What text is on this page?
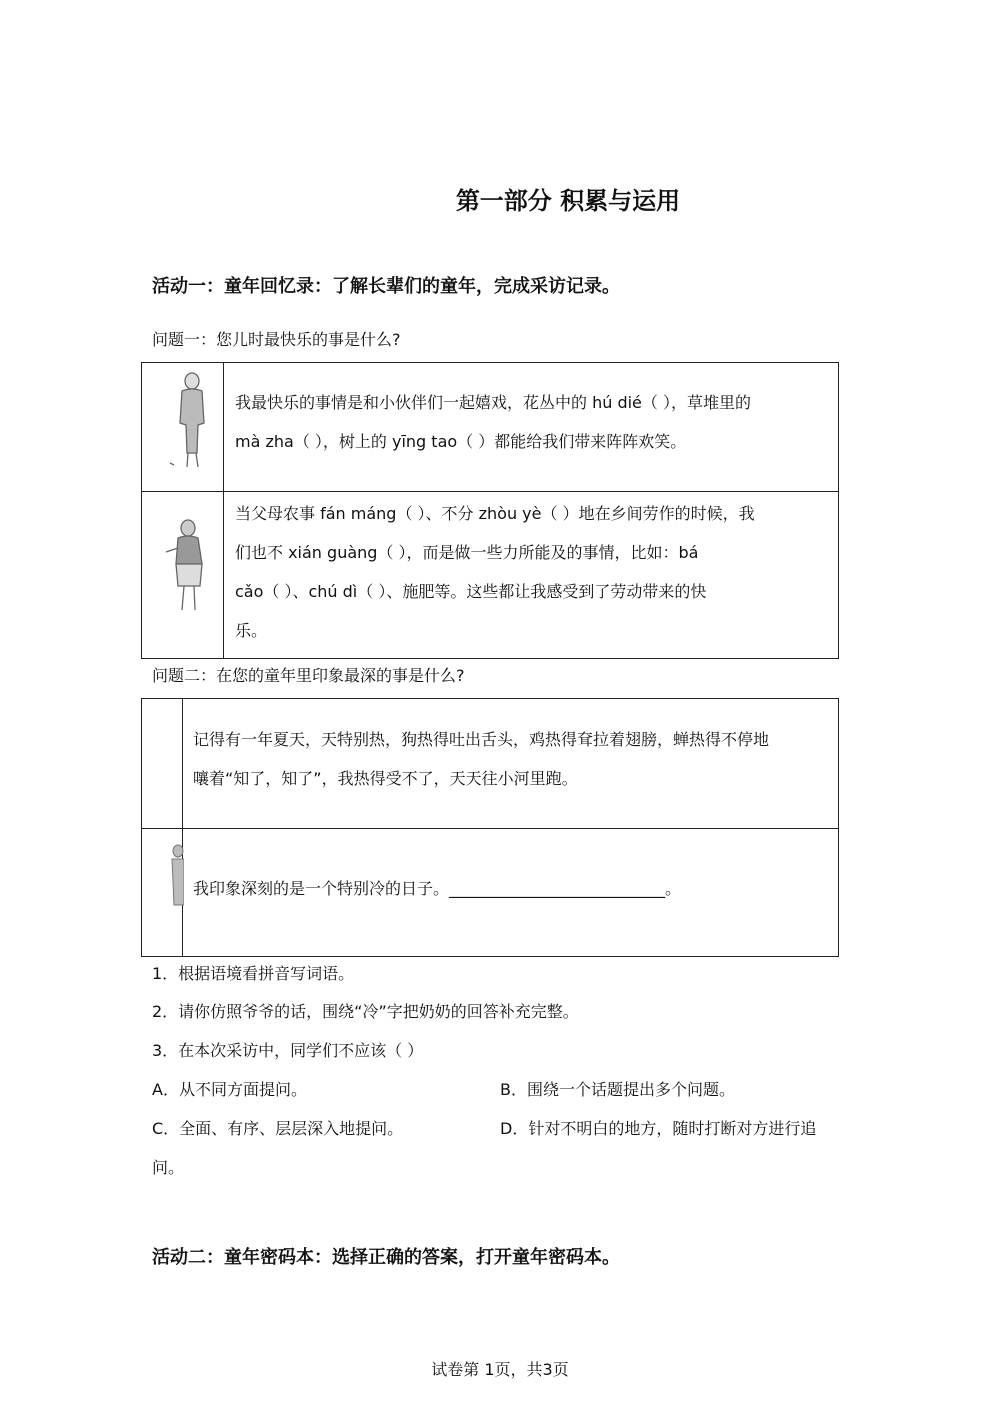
第一部分 积累与运用
活动一：童年回忆录：了解长辈们的童年，完成采访记录。
问题一：您儿时最快乐的事是什么?
我最快乐的事情是和小伙伴们一起嬉戏，花丛中的 hú dié（ ），草堆里的
mà zha（ ），树上的 yīng tao（ ）都能给我们带来阵阵欢笑。
当父母农事 fán máng（ ）、不分 zhòu yè（ ）地在乡间劳作的时候，我
们也不 xián guàng（ ），而是做一些力所能及的事情，比如：bá
cǎo（ ）、chú dì（ ）、施肥等。这些都让我感受到了劳动带来的快
乐。
问题二：在您的童年里印象最深的事是什么?
记得有一年夏天，天特别热，狗热得吐出舌头，鸡热得耷拉着翅膀，蝉热得不停地
嚷着“知了，知了”，我热得受不了，天天往小河里跑。
我印象深刻的是一个特别冷的日子。___________________________。
1．根据语境看拼音写词语。
2．请你仿照爷爷的话，围绕“冷”字把奶奶的回答补充完整。
3．在本次采访中，同学们不应该（ ）
A．从不同方面提问。	B．围绕一个话题提出多个问题。
C．全面、有序、层层深入地提问。	D．针对不明白的地方，随时打断对方进行追
问。
活动二：童年密码本：选择正确的答案，打开童年密码本。
试卷第 1页，共3页
